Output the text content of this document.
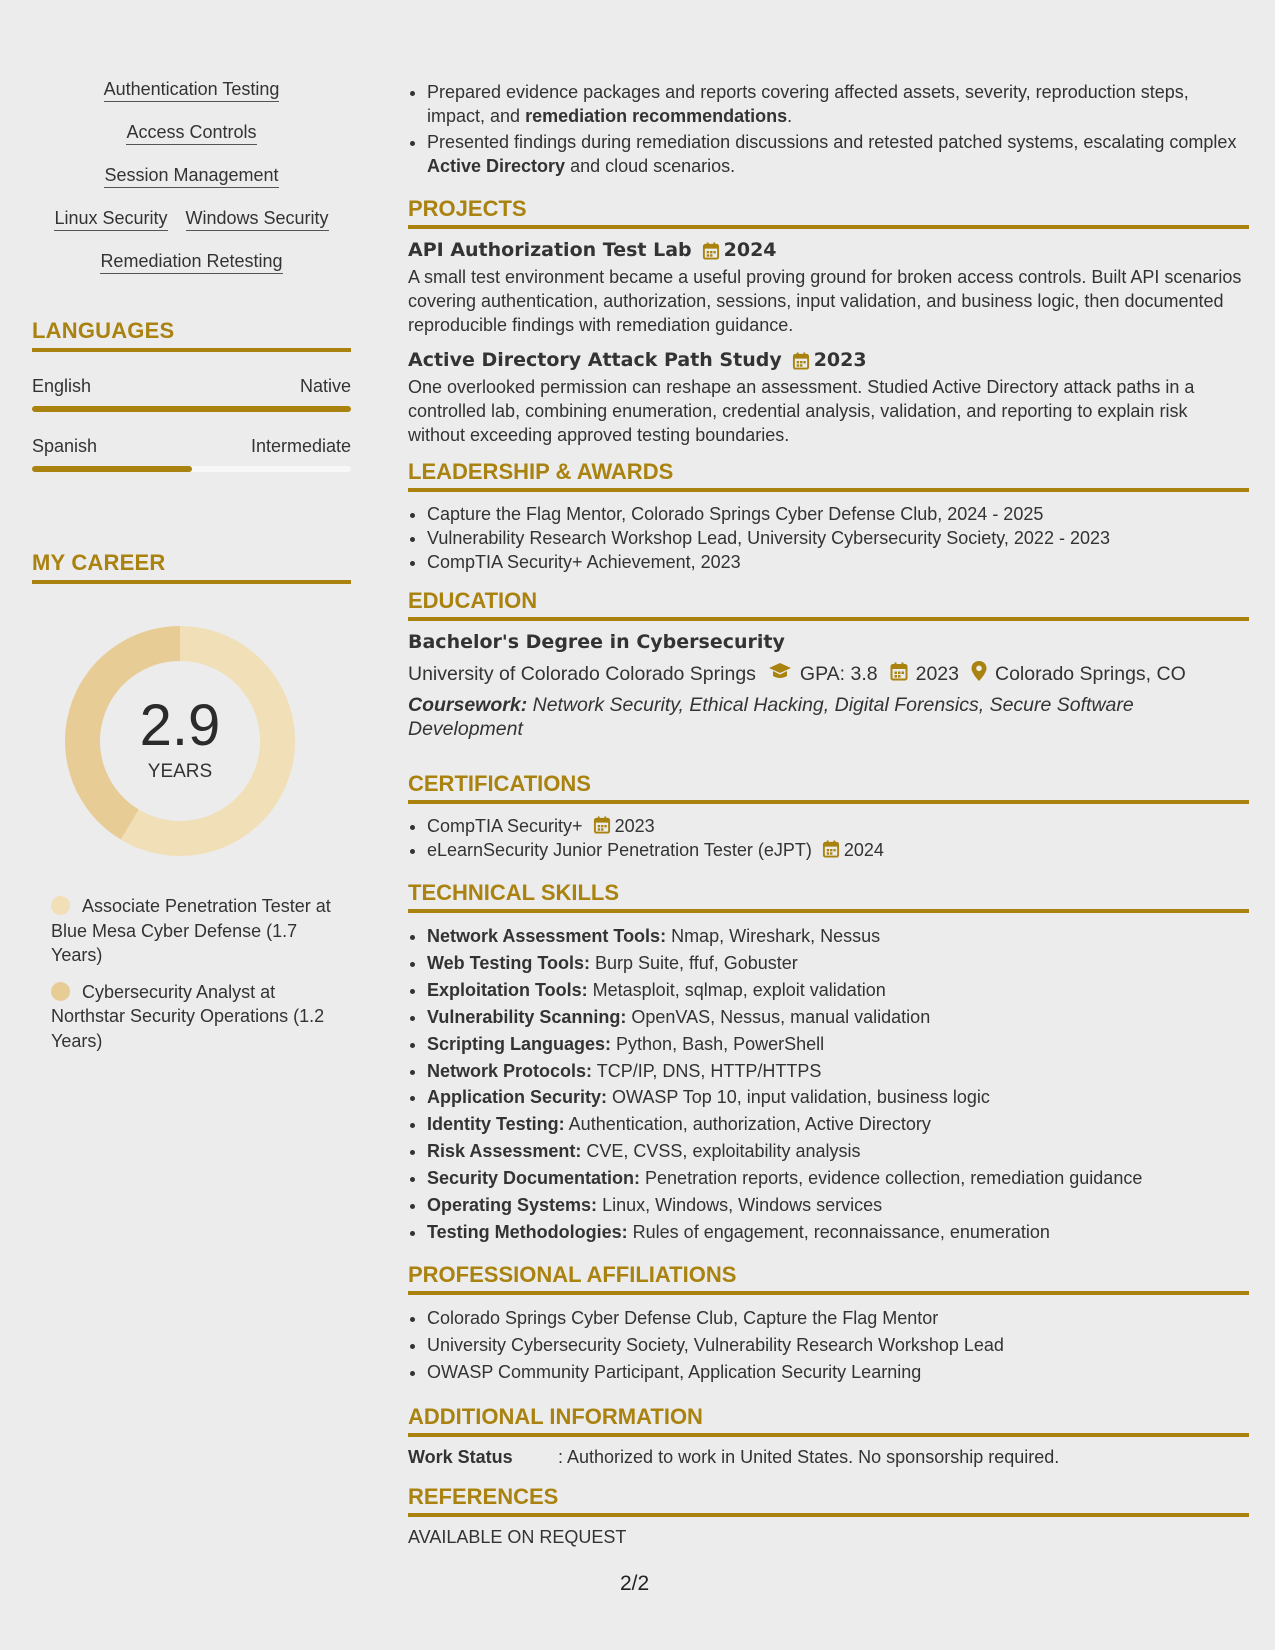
Authentication Testing
Access Controls
Session Management
Linux Security Windows Security
Remediation Retesting
LANGUAGES
English	Native
Spanish	Intermediate
MY CAREER
2.9
YEARS
Associate Penetration Tester at Blue Mesa Cyber Defense (1.7 Years)
Cybersecurity Analyst at Northstar Security Operations (1.2 Years)
• Prepared evidence packages and reports covering affected assets, severity, reproduction steps, impact, and remediation recommendations.
• Presented findings during remediation discussions and retested patched systems, escalating complex Active Directory and cloud scenarios.
PROJECTS
API Authorization Test Lab 2024
A small test environment became a useful proving ground for broken access controls. Built API scenarios covering authentication, authorization, sessions, input validation, and business logic, then documented reproducible findings with remediation guidance.
Active Directory Attack Path Study 2023
One overlooked permission can reshape an assessment. Studied Active Directory attack paths in a controlled lab, combining enumeration, credential analysis, validation, and reporting to explain risk without exceeding approved testing boundaries.
LEADERSHIP & AWARDS
• Capture the Flag Mentor, Colorado Springs Cyber Defense Club, 2024 - 2025
• Vulnerability Research Workshop Lead, University Cybersecurity Society, 2022 - 2023
• CompTIA Security+ Achievement, 2023
EDUCATION
Bachelor's Degree in Cybersecurity
University of Colorado Colorado Springs GPA: 3.8 2023 Colorado Springs, CO
Coursework: Network Security, Ethical Hacking, Digital Forensics, Secure Software Development
CERTIFICATIONS
• CompTIA Security+ 2023
• eLearnSecurity Junior Penetration Tester (eJPT) 2024
TECHNICAL SKILLS
• Network Assessment Tools: Nmap, Wireshark, Nessus
• Web Testing Tools: Burp Suite, ffuf, Gobuster
• Exploitation Tools: Metasploit, sqlmap, exploit validation
• Vulnerability Scanning: OpenVAS, Nessus, manual validation
• Scripting Languages: Python, Bash, PowerShell
• Network Protocols: TCP/IP, DNS, HTTP/HTTPS
• Application Security: OWASP Top 10, input validation, business logic
• Identity Testing: Authentication, authorization, Active Directory
• Risk Assessment: CVE, CVSS, exploitability analysis
• Security Documentation: Penetration reports, evidence collection, remediation guidance
• Operating Systems: Linux, Windows, Windows services
• Testing Methodologies: Rules of engagement, reconnaissance, enumeration
PROFESSIONAL AFFILIATIONS
• Colorado Springs Cyber Defense Club, Capture the Flag Mentor
• University Cybersecurity Society, Vulnerability Research Workshop Lead
• OWASP Community Participant, Application Security Learning
ADDITIONAL INFORMATION
Work Status	: Authorized to work in United States. No sponsorship required.
REFERENCES
AVAILABLE ON REQUEST
2/2
